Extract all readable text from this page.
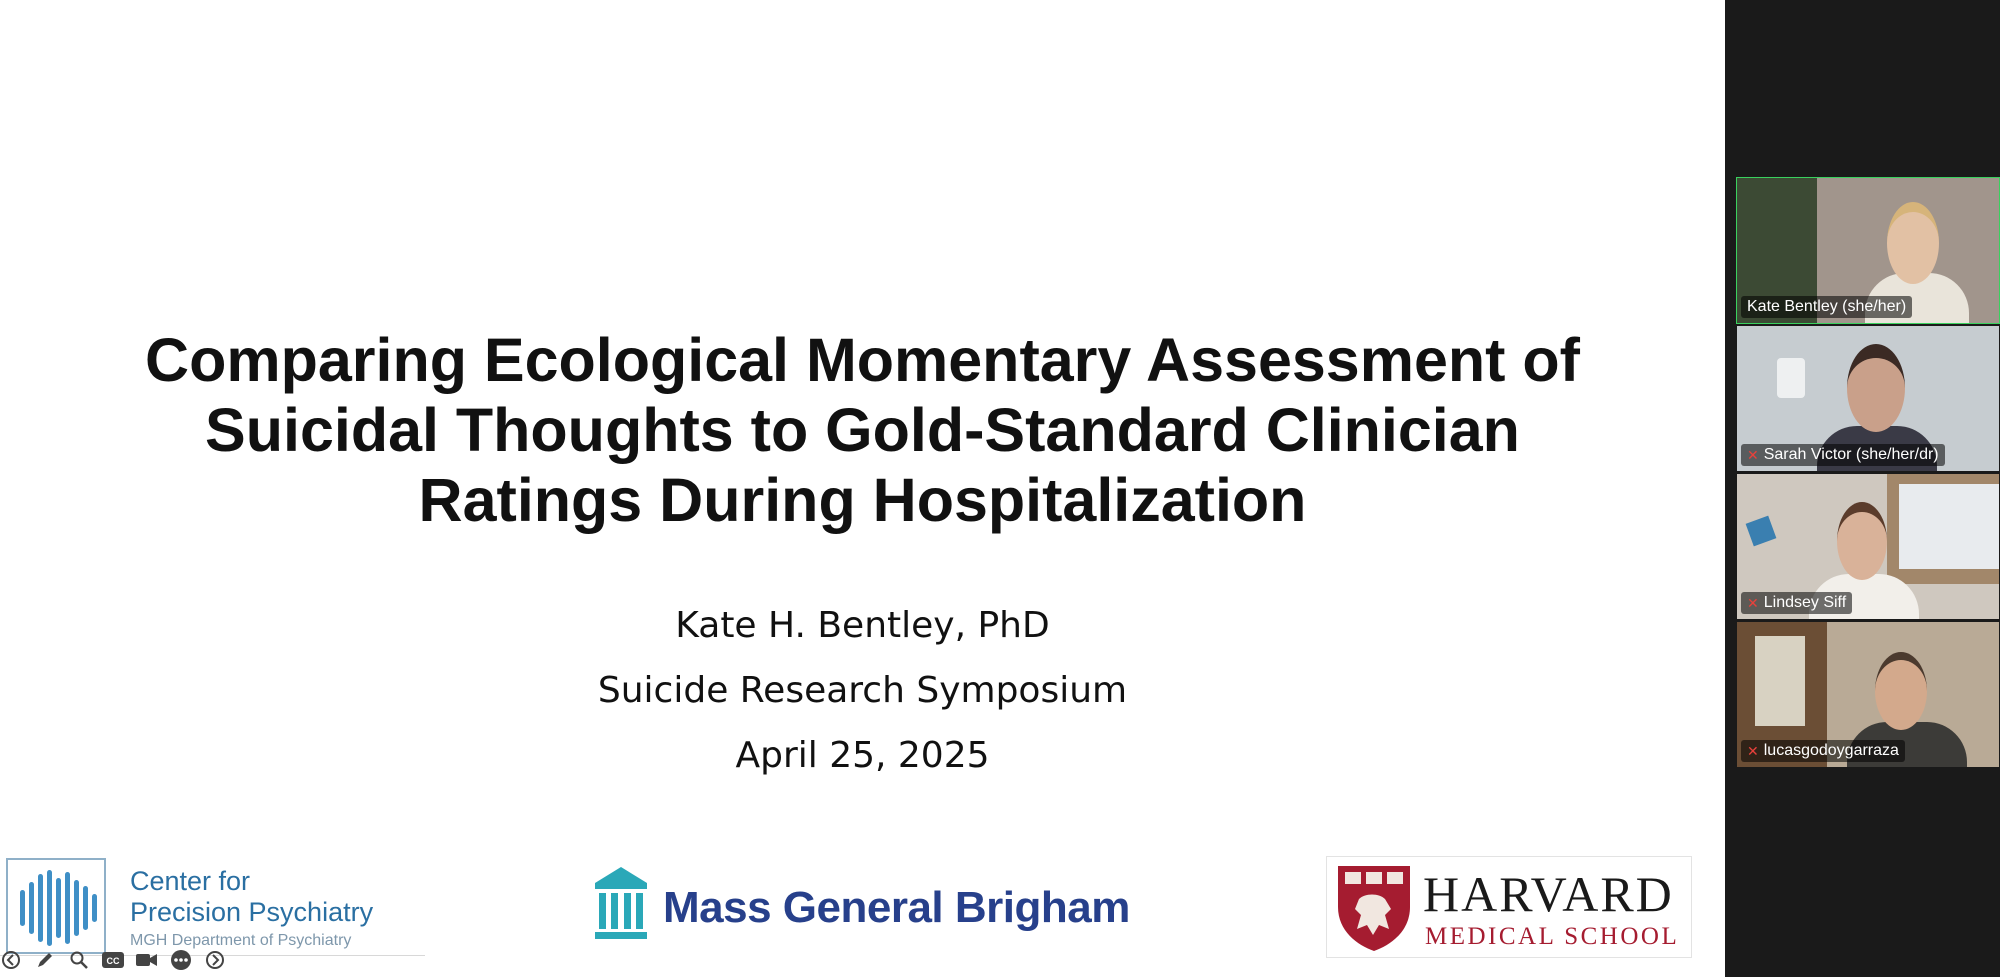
Comparing Ecological Momentary Assessment of
Suicidal Thoughts to Gold-Standard Clinician
Ratings During Hospitalization
Kate H. Bentley, PhD
Suicide Research Symposium
April 25, 2025
Center for
Precision Psychiatry
MGH Department of Psychiatry
Mass General Brigham	HARVARD
MEDICAL SCHOOL
CC
Kate Bentley (she/her)
✕ Sarah Victor (she/her/dr)
✕ Lindsey Siff
✕ lucasgodoygarraza
